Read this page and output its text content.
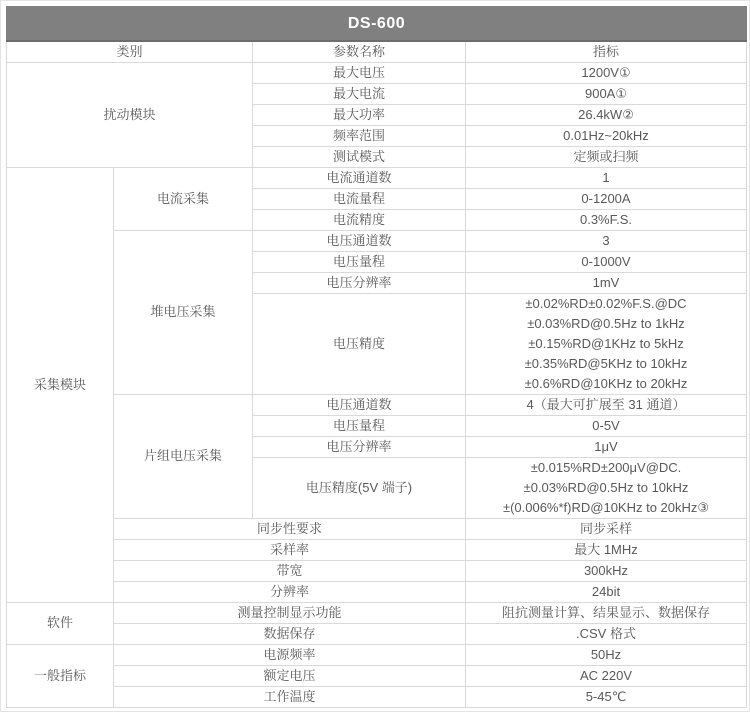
DS-600			
类别		参数名称	指标
扰动模块		最大电压	1200V①
		最大电流	900A①
		最大功率	26.4kW②
		频率范围	0.01Hz~20kHz
		测试模式	定频或扫频
采集模块	电流采集	电流通道数	1
		电流量程	0-1200A
		电流精度	0.3%F.S.
	堆电压采集	电压通道数	3
		电压量程	0-1000V
		电压分辨率	1mV
		电压精度	±0.02%RD±0.02%F.S.@DC
±0.03%RD@0.5Hz to 1kHz
±0.15%RD@1KHz to 5kHz
±0.35%RD@5KHz to 10kHz
±0.6%RD@10KHz to 20kHz

	片组电压采集	电压通道数	4（最大可扩展至 31 通道）
		电压量程	0-5V
		电压分辨率	1μV
		电压精度(5V 端子)	±0.015%RD±200μV@DC.
±0.03%RD@0.5Hz to 10kHz
±(0.006%*f)RD@10KHz to 20kHz③

	同步性要求		同步采样
	采样率		最大 1MHz
	带宽		300kHz
	分辨率		24bit
软件	测量控制显示功能		阻抗测量计算、结果显示、数据保存
	数据保存		.CSV 格式
一般指标	电源频率		50Hz
	额定电压		AC 220V
	工作温度		5-45℃
